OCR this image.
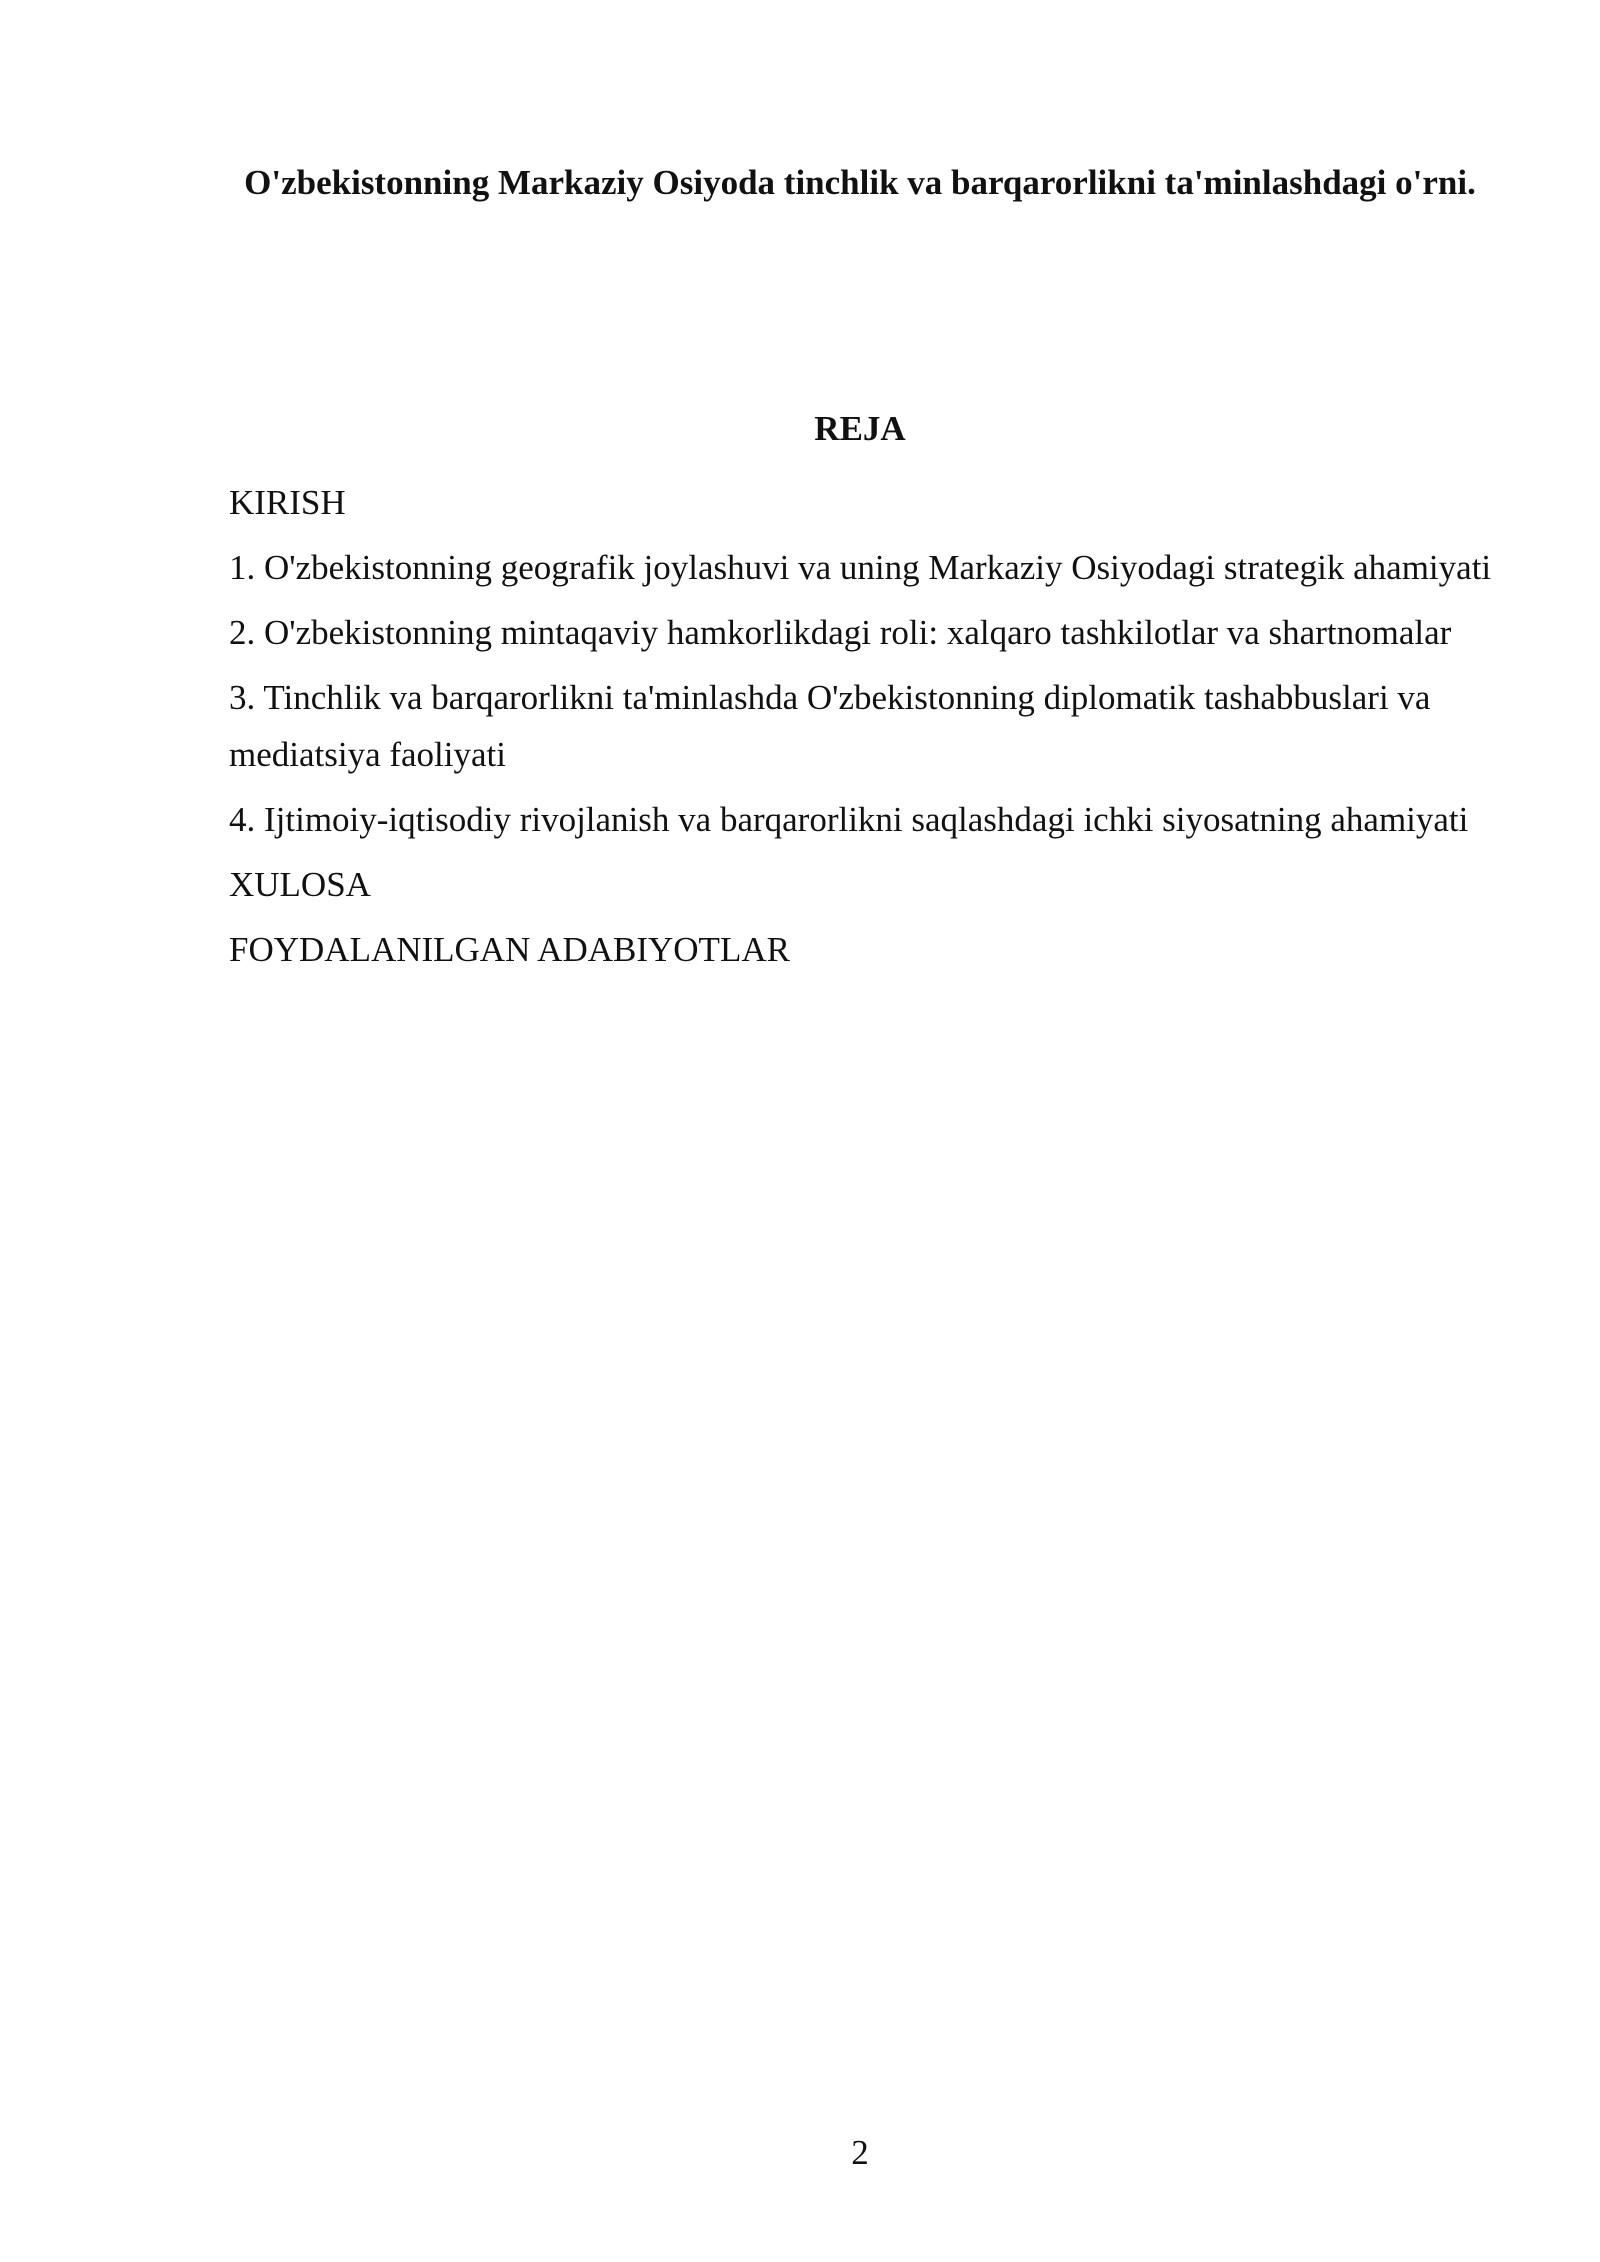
O'zbekistonning Markaziy Osiyoda tinchlik va barqarorlikni ta'minlashdagi o'rni.
REJA
KIRISH
1. O'zbekistonning geografik joylashuvi va uning Markaziy Osiyodagi strategik ahamiyati
2. O'zbekistonning mintaqaviy hamkorlikdagi roli: xalqaro tashkilotlar va shartnomalar
3. Tinchlik va barqarorlikni ta'minlashda O'zbekistonning diplomatik tashabbuslari va mediatsiya faoliyati
4. Ijtimoiy-iqtisodiy rivojlanish va barqarorlikni saqlashdagi ichki siyosatning ahamiyati
XULOSA
FOYDALANILGAN ADABIYOTLAR
2
